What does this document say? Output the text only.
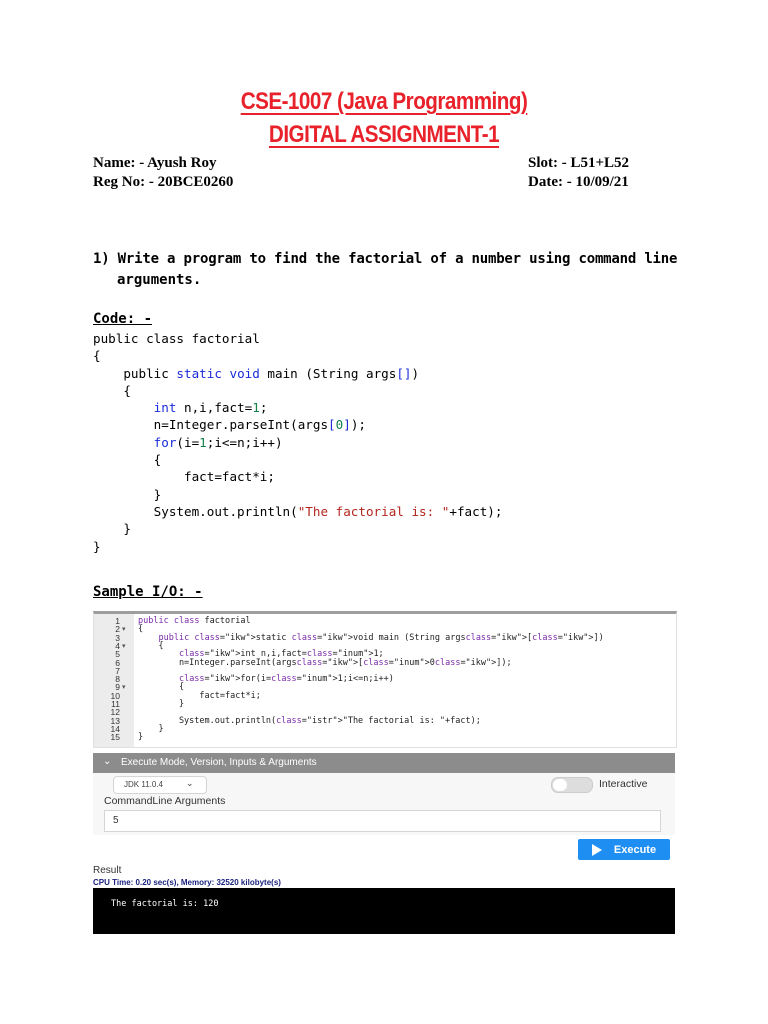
CSE-1007 (Java Programming)
DIGITAL ASSIGNMENT-1
Name: - Ayush Roy
Reg No: - 20BCE0260
Slot: - L51+L52
Date: - 10/09/21
1) Write a program to find the factorial of a number using command line
arguments.
Code: -
public class factorial
{
public static void main (String args[])
{
int n,i,fact=1;
n=Integer.parseInt(args[0]);
for(i=1;i<=n;i++)
{
fact=fact*i;
}
System.out.println("The factorial is: "+fact);
}
}
Sample I/O: -
1 public class factorial
2 ▾ {
3	public class="ikw">static class="ikw">void main (String argsclass="ikw">[class="ikw">])
4 ▾ {
5	class="ikw">int n,i,fact=class="inum">1;
6 n=Integer.parseInt(argsclass="ikw">[class="inum">0class="ikw">]);
7
8	class="ikw">for(i=class="inum">1;i<=n;i++)
9 ▾ {
10 fact=fact*i;
11 }
12
13 System.out.println(class="istr">"The factorial is: "+fact);
14 }
15 }
⌄ Execute Mode, Version, Inputs & Arguments
JDK 11.0.4	⌄	Interactive
CommandLine Arguments
5
Execute
Result
CPU Time: 0.20 sec(s), Memory: 32520 kilobyte(s)
The factorial is: 120
